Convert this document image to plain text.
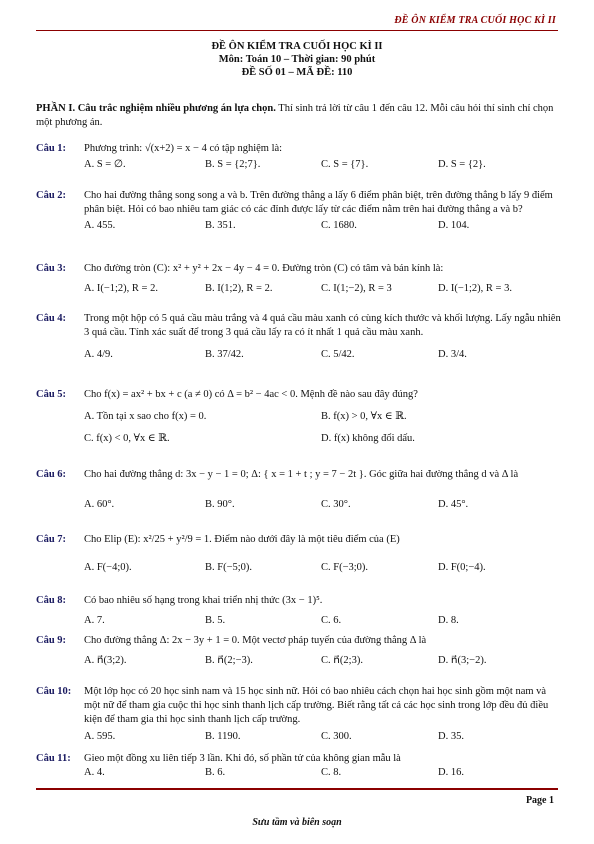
ĐỀ ÔN KIỂM TRA CUỐI HỌC KÌ II
ĐỀ ÔN KIỂM TRA CUỐI HỌC KÌ II
Môn: Toán 10 – Thời gian: 90 phút
ĐỀ SỐ 01 – MÃ ĐỀ: 110
PHẦN I. Câu trắc nghiệm nhiều phương án lựa chọn. Thí sinh trả lời từ câu 1 đến câu 12. Mỗi câu hỏi thí sinh chỉ chọn một phương án.
Câu 1:	Phương trình: √(x+2) = x − 4 có tập nghiệm là:
A. S = ∅.	B. S = {2;7}.	C. S = {7}.	D. S = {2}.
Câu 2:	Cho hai đường thẳng song song a và b. Trên đường thẳng a lấy 6 điểm phân biệt, trên đường thẳng b lấy 9 điểm phân biệt. Hỏi có bao nhiêu tam giác có các đỉnh được lấy từ các điểm nằm trên hai đường thẳng a và b?
A. 455.	B. 351.	C. 1680.	D. 104.
Câu 3:	Cho đường tròn (C): x² + y² + 2x − 4y − 4 = 0. Đường tròn (C) có tâm và bán kính là:
A. I(−1;2), R = 2.	B. I(1;2), R = 2.	C. I(1;−2), R = 3	D. I(−1;2), R = 3.
Câu 4:	Trong một hộp có 5 quả cầu màu trắng và 4 quả cầu màu xanh có cùng kích thước và khối lượng. Lấy ngẫu nhiên 3 quả cầu. Tính xác suất để trong 3 quả cầu lấy ra có ít nhất 1 quả cầu màu xanh.
A. 4/9.	B. 37/42.	C. 5/42.	D. 3/4.
Câu 5:	Cho f(x) = ax² + bx + c (a ≠ 0) có Δ = b² − 4ac < 0. Mệnh đề nào sau đây đúng?
A. Tồn tại x sao cho f(x) = 0.	B. f(x) > 0, ∀x ∈ ℝ.
C. f(x) < 0, ∀x ∈ ℝ.	D. f(x) không đổi dấu.
Câu 6:	Cho hai đường thẳng d: 3x − y − 1 = 0; Δ: { x = 1 + t ; y = 7 − 2t }. Góc giữa hai đường thẳng d và Δ là
A. 60°.	B. 90°.	C. 30°.	D. 45°.
Câu 7:	Cho Elip (E): x²/25 + y²/9 = 1. Điểm nào dưới đây là một tiêu điểm của (E)
A. F(−4;0).	B. F(−5;0).	C. F(−3;0).	D. F(0;−4).
Câu 8:	Có bao nhiêu số hạng trong khai triển nhị thức (3x − 1)⁵.
A. 7.	B. 5.	C. 6.	D. 8.
Câu 9:	Cho đường thẳng Δ: 2x − 3y + 1 = 0. Một vectơ pháp tuyến của đường thẳng Δ là
A. n⃗(3;2).	B. n⃗(2;−3).	C. n⃗(2;3).	D. n⃗(3;−2).
Câu 10:	Một lớp học có 20 học sinh nam và 15 học sinh nữ. Hỏi có bao nhiêu cách chọn hai học sinh gồm một nam và một nữ để tham gia cuộc thi học sinh thanh lịch cấp trường. Biết rằng tất cả các học sinh trong lớp đều đủ điều kiện để tham gia thi học sinh thanh lịch cấp trường.
A. 595.	B. 1190.	C. 300.	D. 35.
Câu 11:	Gieo một đồng xu liên tiếp 3 lần. Khi đó, số phần tử của không gian mẫu là
A. 4.	B. 6.	C. 8.	D. 16.
Page 1
Sưu tầm và biên soạn
